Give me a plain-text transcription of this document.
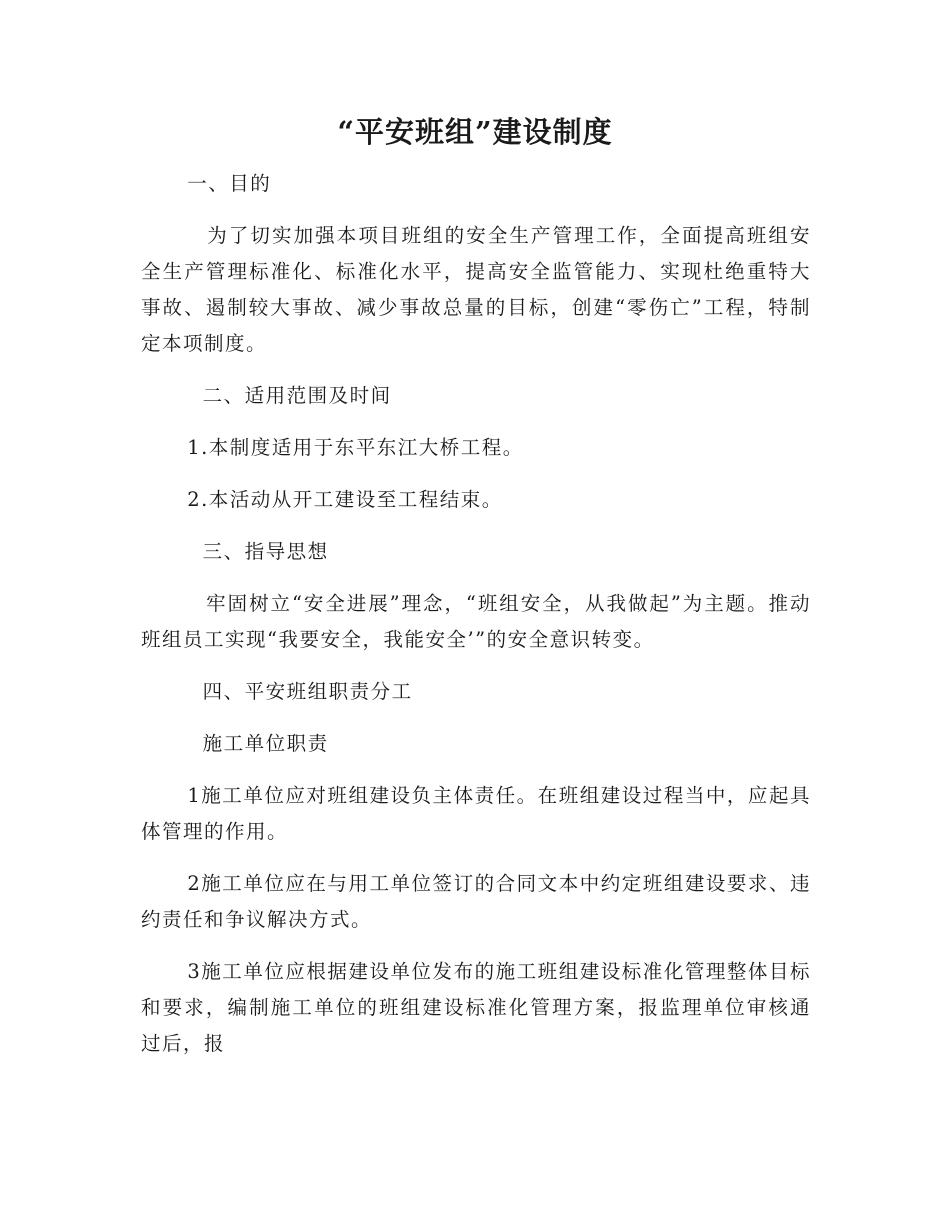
“平安班组”建设制度

一、目的

为了切实加强本项目班组的安全生产管理工作，全面提高班组安全生产管理标准化、标准化水平，提高安全监管能力、实现杜绝重特大事故、遏制较大事故、减少事故总量的目标，创建“零伤亡”工程，特制定本项制度。

二、适用范围及时间

1.本制度适用于东平东江大桥工程。

2.本活动从开工建设至工程结束。

三、指导思想

牢固树立“安全进展”理念，“班组安全，从我做起”为主题。推动班组员工实现“我要安全，我能安全’”的安全意识转变。

四、平安班组职责分工

施工单位职责

1施工单位应对班组建设负主体责任。在班组建设过程当中，应起具体管理的作用。

2施工单位应在与用工单位签订的合同文本中约定班组建设要求、违约责任和争议解决方式。

3施工单位应根据建设单位发布的施工班组建设标准化管理整体目标和要求，编制施工单位的班组建设标准化管理方案，报监理单位审核通过后，报
